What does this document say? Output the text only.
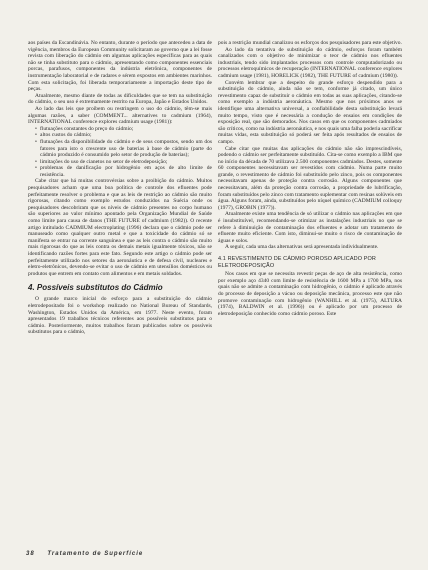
aos países da Escandinávia. No entanto, durante o período que antecedeu a data de vigência, membros da European Community solicitaram ao governo que a lei fosse revista com liberação do cádmio em algumas aplicações específicas para as quais não se tinha substituto para o cádmio, apresentando como componentes essenciais porcas, parafusos, componentes da indústria eletrônica, componentes de instrumentação laboratorial e de radares e sérem expostos em ambientes marinhos. Com esta solicitação, foi liberada temporariamente a importação deste tipo de peças.

Atualmente, mesmo diante de todas as dificuldades que se tem na substituição do cádmio, o seu uso é extremamente restrito na Europa, Japão e Estados Unidos.

Ao lado das leis que proíbem ou restringem o uso do cádmio, têm-se mais algumas razões, a saber (COMMENT... alternatives to cadmium (1964), INTERNATIONAL conference explores cadmium usage (1981)):

• flutuações constantes do preço do cádmio;
• altos custos do cádmio;
• flutuações da disponibilidade do cádmio e de seus compostos, sendo um dos fatores para isto o crescente uso de baterias à base de cádmio (parte do cádmio produzido é consumido pelo setor de produção de baterias);
• limitações do uso de cianetos no setor de eletrodeposição;
• problemas de danificação por hidrogênio em aços de alto limite de resistência.

Cabe citar que há muitas controvérsias sobre a proibição do cádmio. Muitos pesquisadores acham que uma boa política de controle dos efluentes pode perfeitamente resolver o problema e que as leis de restrição ao cádmio são muito rigorosas, citando como exemplo estudos conduzidos na Suécia onde os pesquisadores descobriram que os níveis de cádmio presentes no corpo humano são superiores ao valor mínimo apontado pela Organização Mundial de Saúde como limite para causa de danos (THE FUTURE of cadmium (1982)). O recente artigo intitulado CADMIUM electroplating (1996) declara que o cádmio pode ser manuseado como qualquer outro metal e que a toxicidade do cádmio só se manifesta se entrar na corrente sanguínea e que as leis contra o cádmio são muito mais rigorosas do que as leis contra os demais metais igualmente tóxicos, não se identificando razões fortes para este fato. Segundo este artigo o cádmio pode ser perfeitamente utilizado nos setores da aeronáutica e de defesa civil, nucleares e eletro-eletrônicos, devendo-se evitar o uso de cádmio em utensílios domésticos ou produtos que entrem em contato com alimentos e em metais soldados.

4. Possíveis substitutos do Cádmio

O grande marco inicial do esforço para a substituição do cádmio eletrodepositado foi o workshop realizado no National Bureau of Standards, Washington, Estados Unidos da América, em 1977. Neste evento, foram apresentados 19 trabalhos técnicos referentes aos possíveis substitutos para o cádmio. Posteriormente, muitos trabalhos foram publicados sobre os possíveis substitutos para o cádmio,

pois a restrição mundial canalizou os esforços dos pesquisadores para este objetivo.

Ao lado da tentativa de substituição do cádmio, esforços foram também canalizados com o objetivo de minimizar o teor de cádmio nos efluentes industriais, tendo sido implantados processos com controle computadorizado ou processos eletroquímicos de recuperação (INTERNATIONAL conference explores cadmium usage (1981), HORELICK (1982), THE FUTURE of cadmium (1980)).

Convém lembrar que a despeito do grande esforço despendido para a substituição do cádmio, ainda não se tem, conforme já citado, um único revestimento capaz de substituir o cádmio em todas as suas aplicações, citando-se como exemplo a indústria aeronáutica. Mesmo que nos próximos anos se identifique uma alternativa universal, a confiabilidade desta substituição levará muito tempo, visto que é necessária a condução de ensaios em condições de exposição real, que são demorados. Nos casos em que os componentes cadmiados são críticos, como na indústria aeronáutica, e nos quais uma falha poderia sacrificar muitas vidas, esta substituição só poderá ser feita após resultados de ensaios de campo.

Cabe citar que muitas das aplicações do cádmio não são imprescindíveis, podendo o cádmio ser perfeitamente substituído. Cita-se como exemplo a IBM que no início da década de 70 utilizava 2.500 componentes cadmiados. Destes, somente 60 componentes necessitavam ser revestidos com cádmio. Numa parte muito grande, o revestimento de cádmio foi substituído pelo zinco, pois os componentes necessitavam apenas de proteção contra corrosão. Alguns componentes que necessitavam, além da proteção contra corrosão, a propriedade de lubrificação, foram substituídos pelo zinco com tratamento suplementar com resinas solúveis em água. Alguns foram, ainda, substituídos pelo níquel químico (CADMIUM colloquy (1977), GROBIN (1977)).

Atualmente existe uma tendência de só utilizar o cádmio nas aplicações em que é insubstituível, recomendando-se otimizar as instalações industriais no que se refere à diminuição de contaminação dos efluentes e adotar um tratamento de efluente muito eficiente. Com isto, diminui-se muito o risco de contaminação de águas e solos.

A seguir, cada uma das alternativas será apresentada individualmente.

4.1 REVESTIMENTO DE CÁDMIO POROSO APLICADO POR ELETRODEPOSIÇÃO

Nos casos em que se necessita revestir peças de aço de alta resistência, como por exemplo aço 4340 com limite de resistência de 1600 MPa a 1700 MPa, nos quais não se admite a contaminação com hidrogênio, o cádmio é aplicado através do processo de deposição a vácuo ou deposição mecânica, processo este que não promove contaminação com hidrogênio (WANHILL et al. (1975), ALTURA (1974), BALDWIN et al. (1996)) ou é aplicado por um processo de eletrodeposição conhecido como cádmio poroso. Este

38 Tratamento de Superfície
